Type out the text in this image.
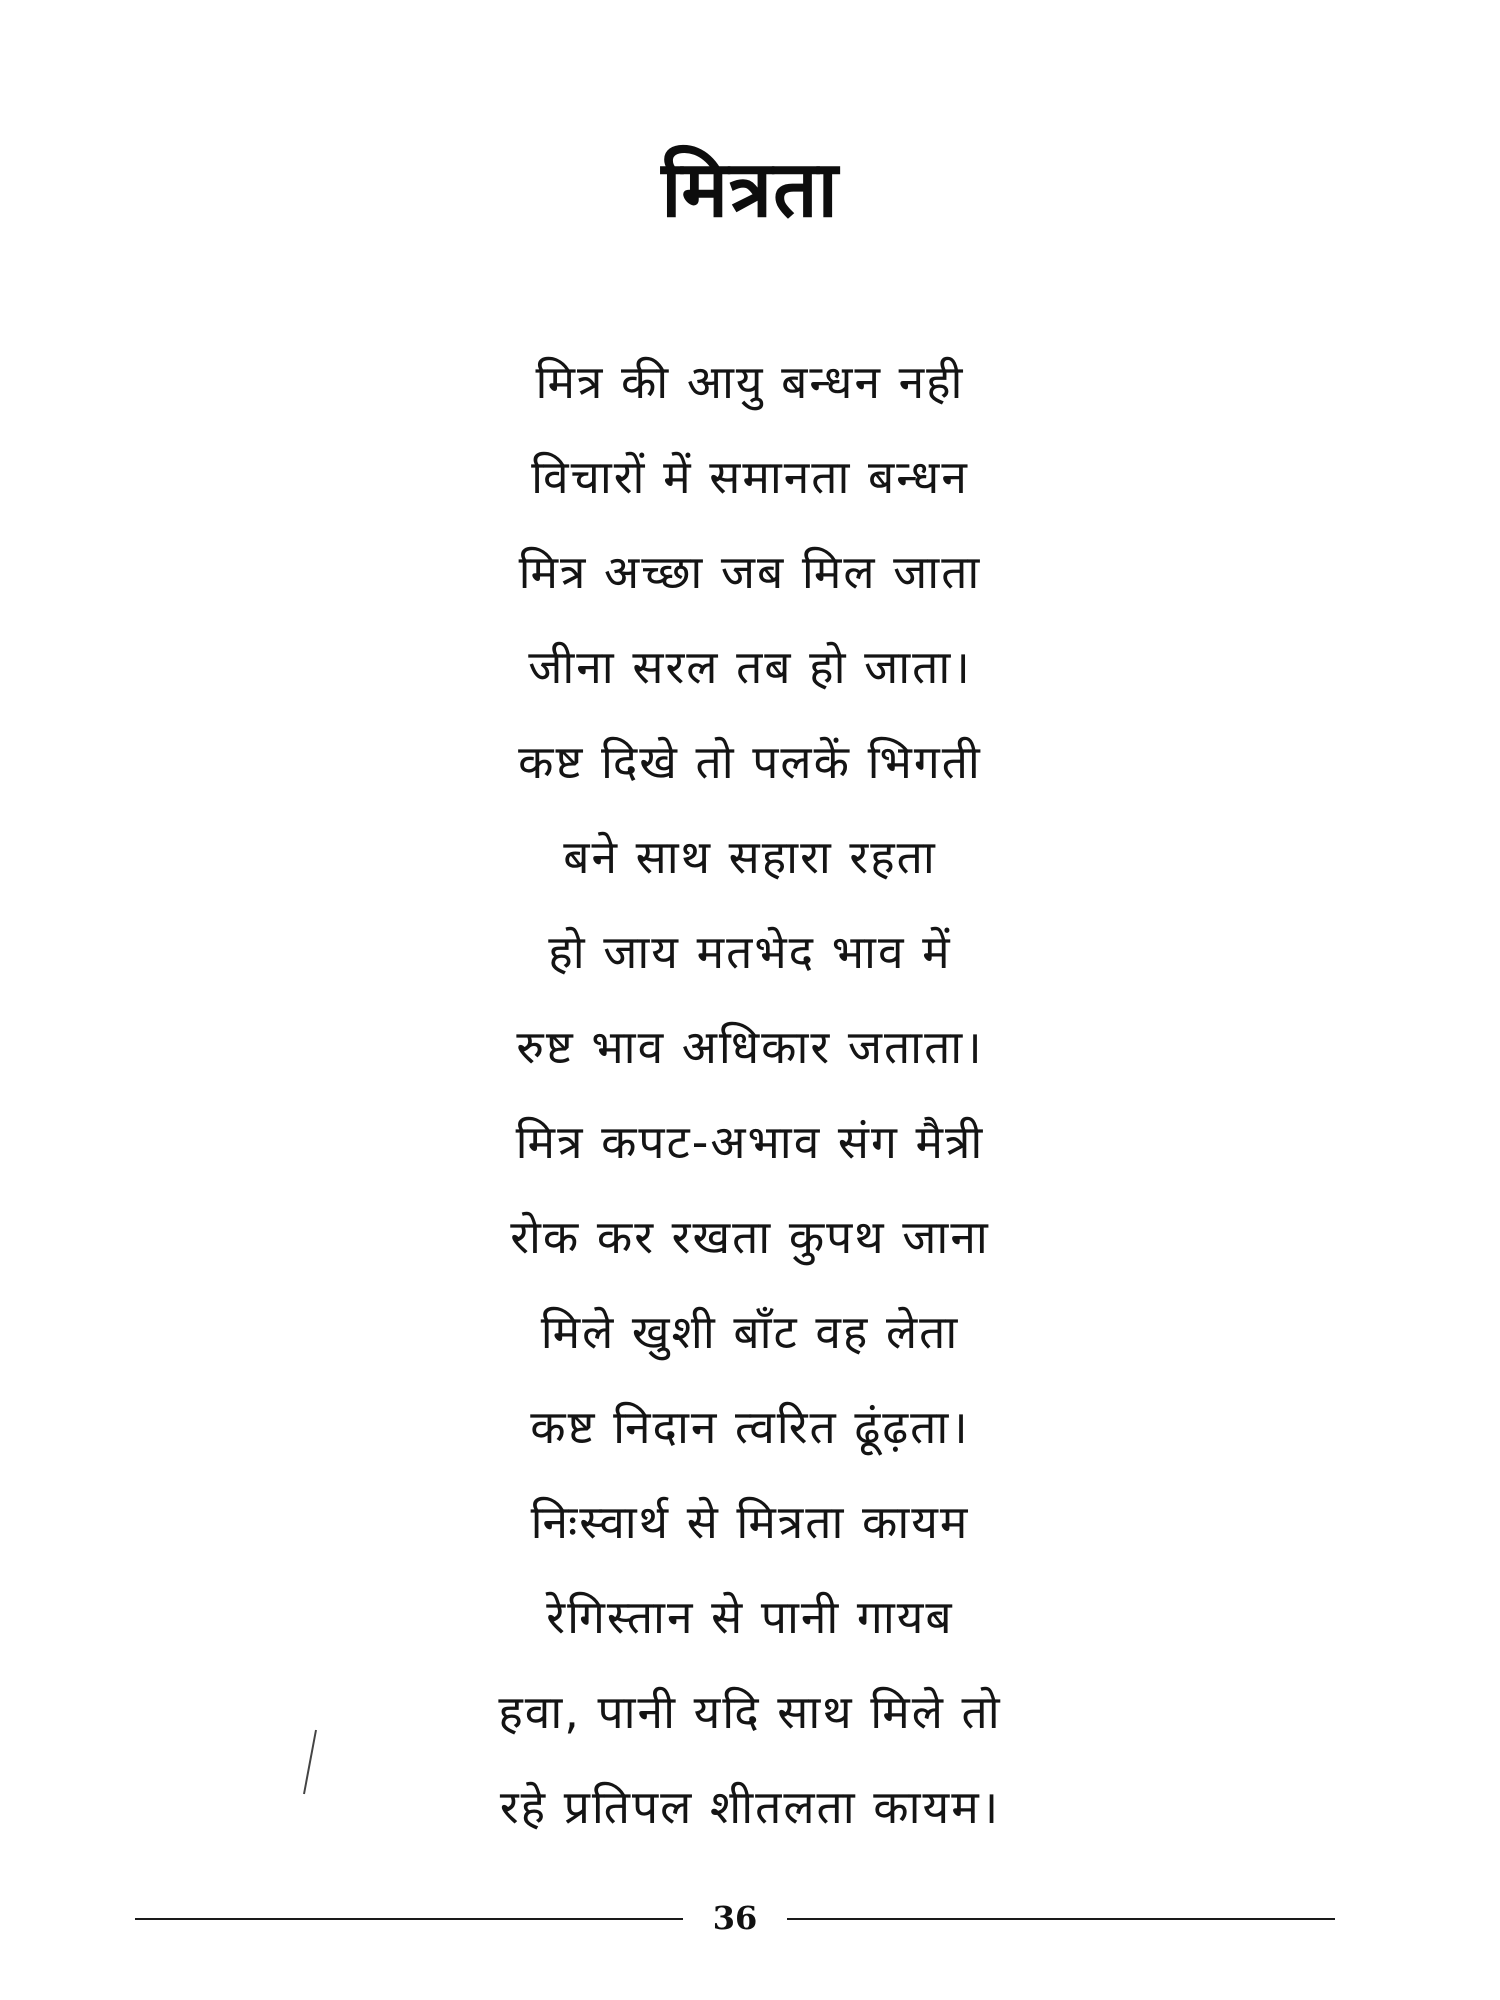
मित्रता
मित्र की आयु बन्धन नही
विचारों में समानता बन्धन
मित्र अच्छा जब मिल जाता
जीना सरल तब हो जाता।
कष्ट दिखे तो पलकें भिगती
बने साथ सहारा रहता
हो जाय मतभेद भाव में
रुष्ट भाव अधिकार जताता।
मित्र कपट-अभाव संग मैत्री
रोक कर रखता कुपथ जाना
मिले खुशी बाँट वह लेता
कष्ट निदान त्वरित ढूंढ़ता।
निःस्वार्थ से मित्रता कायम
रेगिस्तान से पानी गायब
हवा, पानी यदि साथ मिले तो
रहे प्रतिपल शीतलता कायम।
36
